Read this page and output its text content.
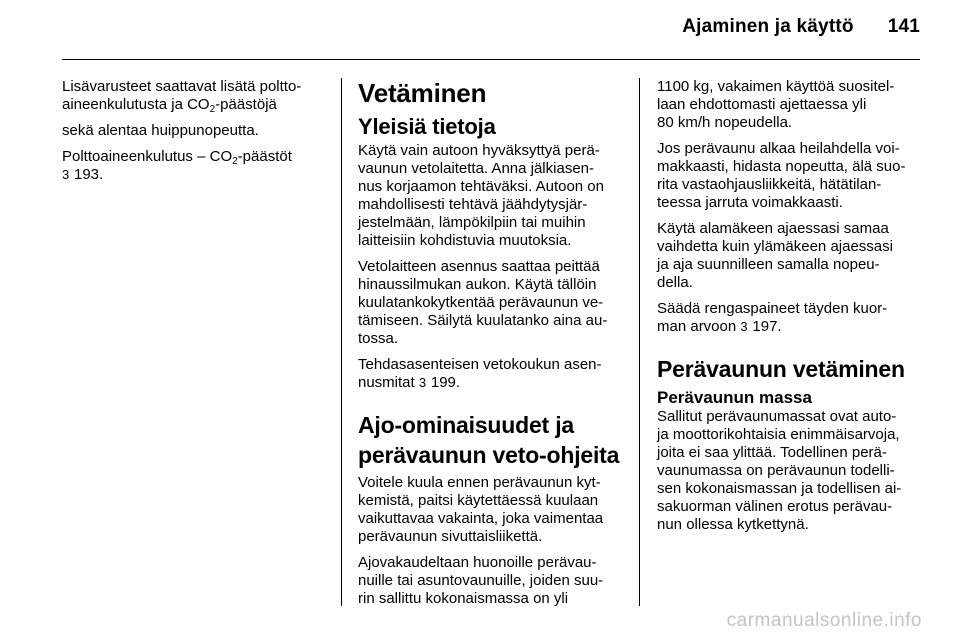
Ajaminen ja käyttö 141

Lisävarusteet saattavat lisätä poltto-
aineenkulutusta ja $CO_2$-päästöjä

sekä alentaa huippunopeutta.

Polttoaineenkulutus – $CO_2$-päästöt
3 193.

Vetäminen
Yleisiä tietoja

Käytä vain autoon hyväksyttyä perä-
vaunun vetolaitetta. Anna jälkiasen-
nus korjaamon tehtäväksi. Autoon on
mahdollisesti tehtävä jäähdytysjär-
jestelmään, lämpökilpiin tai muihin
laitteisiin kohdistuvia muutoksia.

Vetolaitteen asennus saattaa peittää
hinaussilmukan aukon. Käytä tällöin
kuulatankokytkentää perävaunun ve-
tämiseen. Säilytä kuulatanko aina au-
tossa.

Tehdasasenteisen vetokoukun asen-
nusmitat 3 199.

Ajo-ominaisuudet ja
perävaunun veto-ohjeita

Voitele kuula ennen perävaunun kyt-
kemistä, paitsi käytettäessä kuulaan
vaikuttavaa vakainta, joka vaimentaa
perävaunun sivuttaisliikettä.

Ajovakaudeltaan huonoille perävau-
nuille tai asuntovaunuille, joiden suu-
rin sallittu kokonaismassa on yli

1100 kg, vakaimen käyttöä suositel-
laan ehdottomasti ajettaessa yli
80 km/h nopeudella.

Jos perävaunu alkaa heilahdella voi-
makkaasti, hidasta nopeutta, älä suo-
rita vastaohjausliikkeitä, hätätilan-
teessa jarruta voimakkaasti.

Käytä alamäkeen ajaessasi samaa
vaihdetta kuin ylämäkeen ajaessasi
ja aja suunnilleen samalla nopeu-
della.

Säädä rengaspaineet täyden kuor-
man arvoon 3 197.

Perävaunun vetäminen
Perävaunun massa

Sallitut perävaunumassat ovat auto-
ja moottorikohtaisia enimmäisarvoja,
joita ei saa ylittää. Todellinen perä-
vaunumassa on perävaunun todelli-
sen kokonaismassan ja todellisen ai-
sakuorman välinen erotus perävau-
nun ollessa kytkettynä.

carmanualsonline.info
